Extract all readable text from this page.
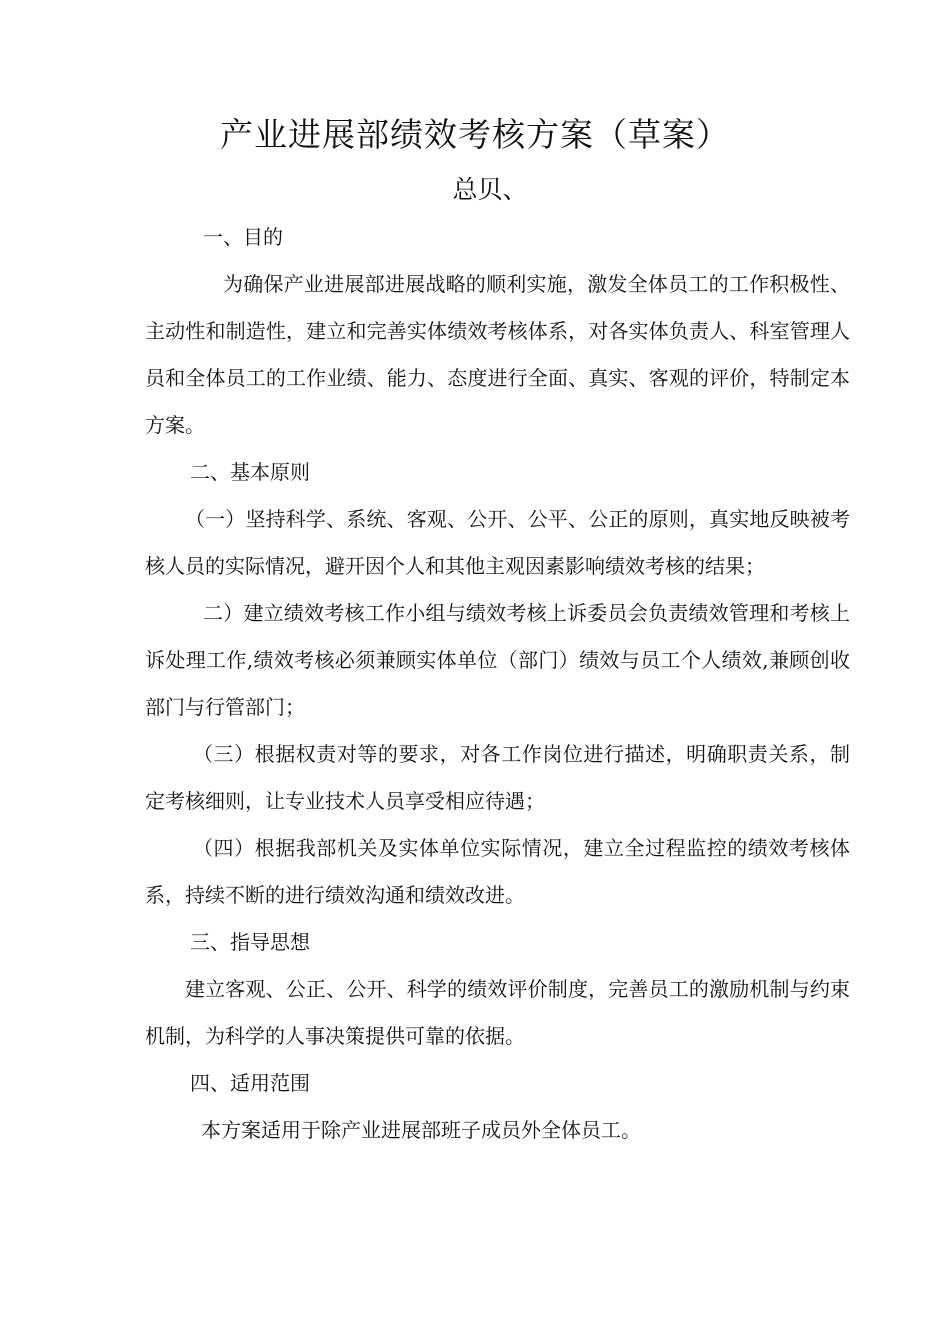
产业进展部绩效考核方案（草案）
总贝、

一、目的

为确保产业进展部进展战略的顺利实施，激发全体员工的工作积极性、主动性和制造性，建立和完善实体绩效考核体系，对各实体负责人、科室管理人员和全体员工的工作业绩、能力、态度进行全面、真实、客观的评价，特制定本方案。

二、基本原则

（一）坚持科学、系统、客观、公开、公平、公正的原则，真实地反映被考核人员的实际情况，避开因个人和其他主观因素影响绩效考核的结果；

二）建立绩效考核工作小组与绩效考核上诉委员会负责绩效管理和考核上诉处理工作,绩效考核必须兼顾实体单位（部门）绩效与员工个人绩效,兼顾创收部门与行管部门；

（三）根据权责对等的要求，对各工作岗位进行描述，明确职责关系，制定考核细则，让专业技术人员享受相应待遇；

（四）根据我部机关及实体单位实际情况，建立全过程监控的绩效考核体系，持续不断的进行绩效沟通和绩效改进。

三、指导思想

建立客观、公正、公开、科学的绩效评价制度，完善员工的激励机制与约束机制，为科学的人事决策提供可靠的依据。

四、适用范围

本方案适用于除产业进展部班子成员外全体员工。
